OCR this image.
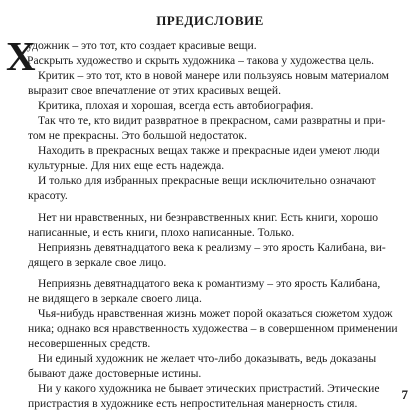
ПРЕДИСЛОВИЕ
Х
удожник – это тот, кто создает красивые вещи.
Раскрыть художество и скрыть художника – такова у художества цель.
Критик – это тот, кто в новой манере или пользуясь новым материалом
выразит свое впечатление от этих красивых вещей.
Критика, плохая и хорошая, всегда есть автобиография.
Так что те, кто видит развратное в прекрасном, сами развратны и при-
том не прекрасны. Это большой недостаток.
Находить в прекрасных вещах также и прекрасные идеи умеют люди
культурные. Для них еще есть надежда.
И только для избранных прекрасные вещи исключительно означают
красоту.
Нет ни нравственных, ни безнравственных книг. Есть книги, хорошо
написанные, и есть книги, плохо написанные. Только.
Неприязнь девятнадцатого века к реализму – это ярость Калибана, ви-
дящего в зеркале свое лицо.
Неприязнь девятнадцатого века к романтизму – это ярость Калибана,
не видящего в зеркале своего лица.
Чья-нибудь нравственная жизнь может порой оказаться сюжетом худож
ника; однако вся нравственность художества – в совершенном применении
несовершенных средств.
Ни единый художник не желает что-либо доказывать, ведь доказаны
бывают даже достоверные истины.
Ни у какого художника не бывает этических пристрастий. Этические
пристрастия в художнике есть непростительная манерность стиля.
7
